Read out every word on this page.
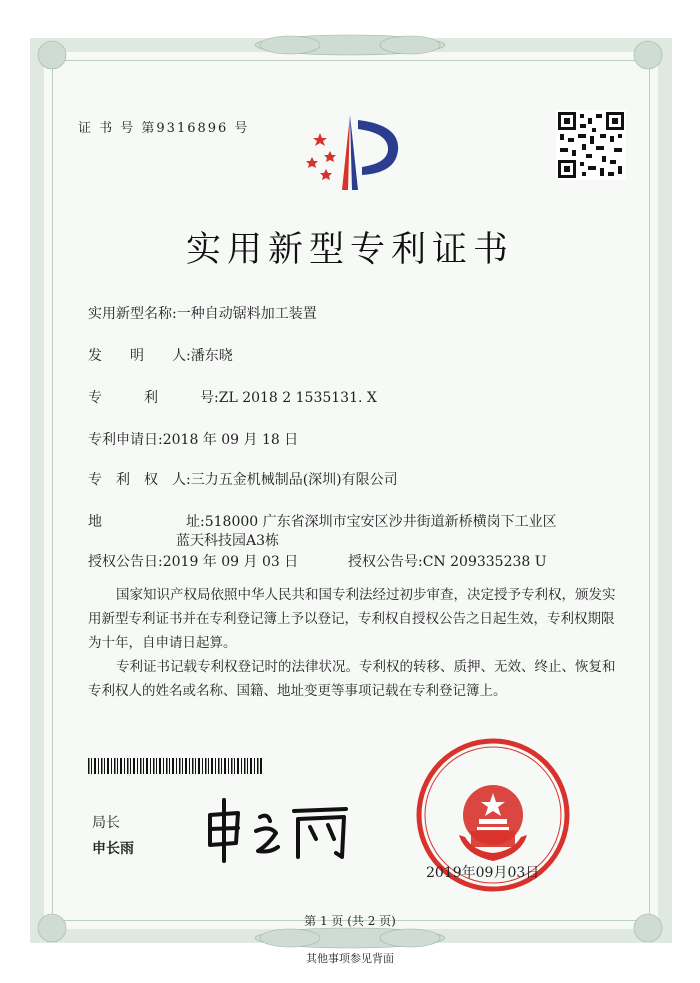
证 书 号 第9316896 号
实用新型专利证书
实用新型名称:一种自动锯料加工装置
发　　明　　人:潘东晓
专　　　利　　　号:ZL 2018 2 1535131. X
专利申请日:2018 年 09 月 18 日
专　利　权　人:三力五金机械制品(深圳)有限公司
地　　　　　　址:518000 广东省深圳市宝安区沙井街道新桥横岗下工业区
蓝天科技园A3栋
授权公告日:2019 年 09 月 03 日	授权公告号:CN 209335238 U

国家知识产权局依照中华人民共和国专利法经过初步审查，决定授予专利权，颁发实用新型专利证书并在专利登记簿上予以登记，专利权自授权公告之日起生效，专利权期限为十年，自申请日起算。

专利证书记载专利权登记时的法律状况。专利权的转移、质押、无效、终止、恢复和专利权人的姓名或名称、国籍、地址变更等事项记载在专利登记簿上。

局长
申长雨
2019年09月03日
第 1 页 (共 2 页)
其他事项参见背面
